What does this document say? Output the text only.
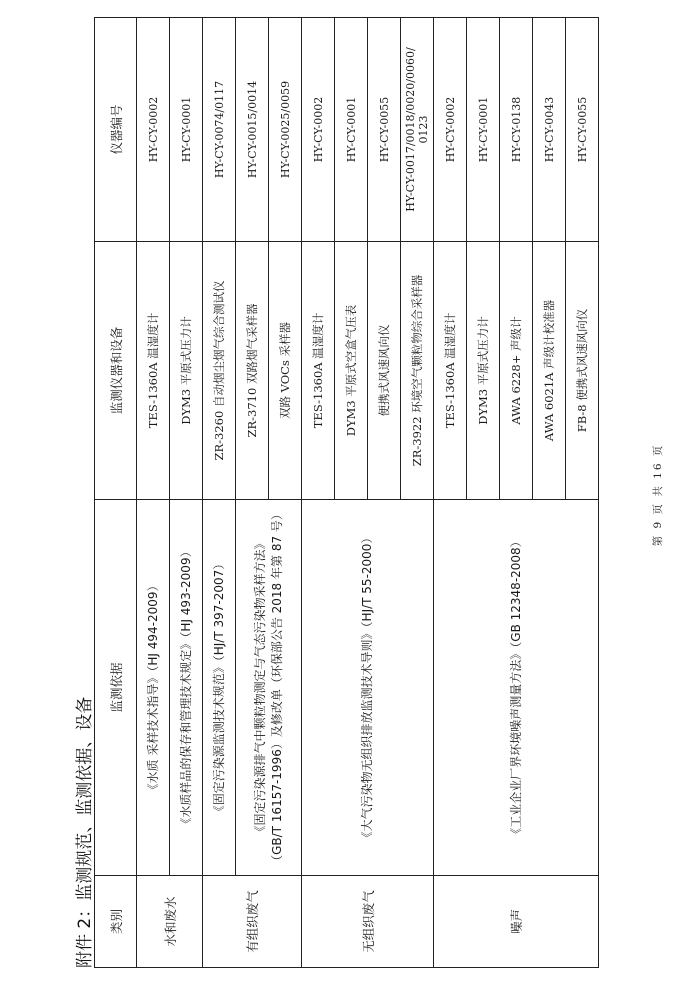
附件 2：监测规范、监测依据、设备 类别	监测依据	监测仪器和设备	仪器编号
水和废水	《水质 采样技术指导》（HJ 494-2009）	TES-1360A 温湿度计	HY-CY-0002

	《水质样品的保存和管理技术规定》（HJ 493-2009）	DYM3 平原式压力计	HY-CY-0001

有组织废气	《固定污染源监测技术规范》（HJ/T 397-2007）	ZR-3260 自动烟尘烟气综合测试仪	HY-CY-0074/0117

	《固定污染源排气中颗粒物测定与气态污染物采样方法》 （GB/T 16157-1996）及修改单（环保部公告 2018 年第 87 号）	ZR-3710 双路烟气采样器	HY-CY-0015/0014

		双路 VOCs 采样器	HY-CY-0025/0059

无组织废气	《大气污染物无组织排放监测技术导则》（HJ/T 55-2000）	TES-1360A 温湿度计	HY-CY-0002

		DYM3 平原式空盒气压表	HY-CY-0001

		便携式风速风向仪	HY-CY-0055

		ZR-3922 环境空气颗粒物综合采样器	HY-CY-0017/0018/0020/0060/ 0123

噪声	《工业企业厂界环境噪声测量方法》（GB 12348-2008）	TES-1360A 温湿度计	HY-CY-0002

		DYM3 平原式压力计	HY-CY-0001

		AWA 6228+ 声级计	HY-CY-0138

		AWA 6021A 声级计校准器	HY-CY-0043

		FB-8 便携式风速风向仪	HY-CY-0055
第 9 页 共 16 页
